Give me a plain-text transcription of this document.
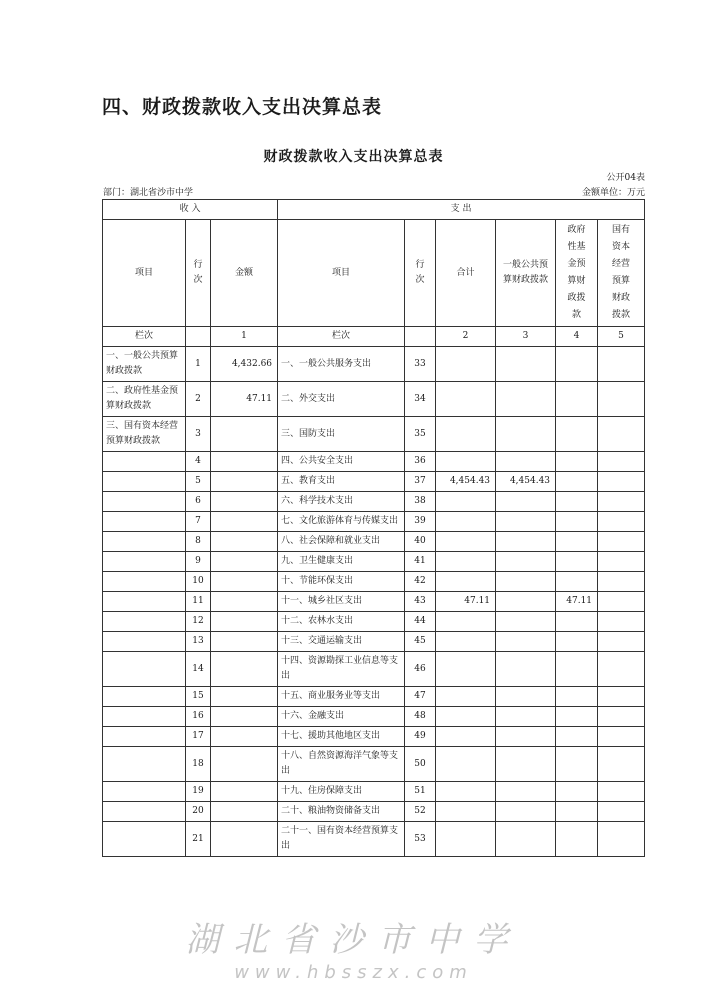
四、财政拨款收入支出决算总表
财政拨款收入支出决算总表
公开04表
部门：湖北省沙市中学	金额单位：万元
收 入			支 出					
项目	行次	金额	项目	行次	合计	一般公共预算财政拨款	政府性基金预算财政拨款	国有资本经营预算财政拨款
栏次		1	栏次		2	3	4	5
一、一般公共预算财政拨款	1	4,432.66	一、一般公共服务支出	33				
二、政府性基金预算财政拨款	2	47.11	二、外交支出	34				
三、国有资本经营预算财政拨款	3		三、国防支出	35				
	4		四、公共安全支出	36				
	5		五、教育支出	37	4,454.43	4,454.43		
	6		六、科学技术支出	38				
	7		七、文化旅游体育与传媒支出	39				
	8		八、社会保障和就业支出	40				
	9		九、卫生健康支出	41				
	10		十、节能环保支出	42				
	11		十一、城乡社区支出	43	47.11		47.11	
	12		十二、农林水支出	44				
	13		十三、交通运输支出	45				
	14		十四、资源勘探工业信息等支出	46				
	15		十五、商业服务业等支出	47				
	16		十六、金融支出	48				
	17		十七、援助其他地区支出	49				
	18		十八、自然资源海洋气象等支出	50				
	19		十九、住房保障支出	51				
	20		二十、粮油物资储备支出	52				
	21		二十一、国有资本经营预算支出	53				
湖北省沙市中学
www.hbsszx.com
